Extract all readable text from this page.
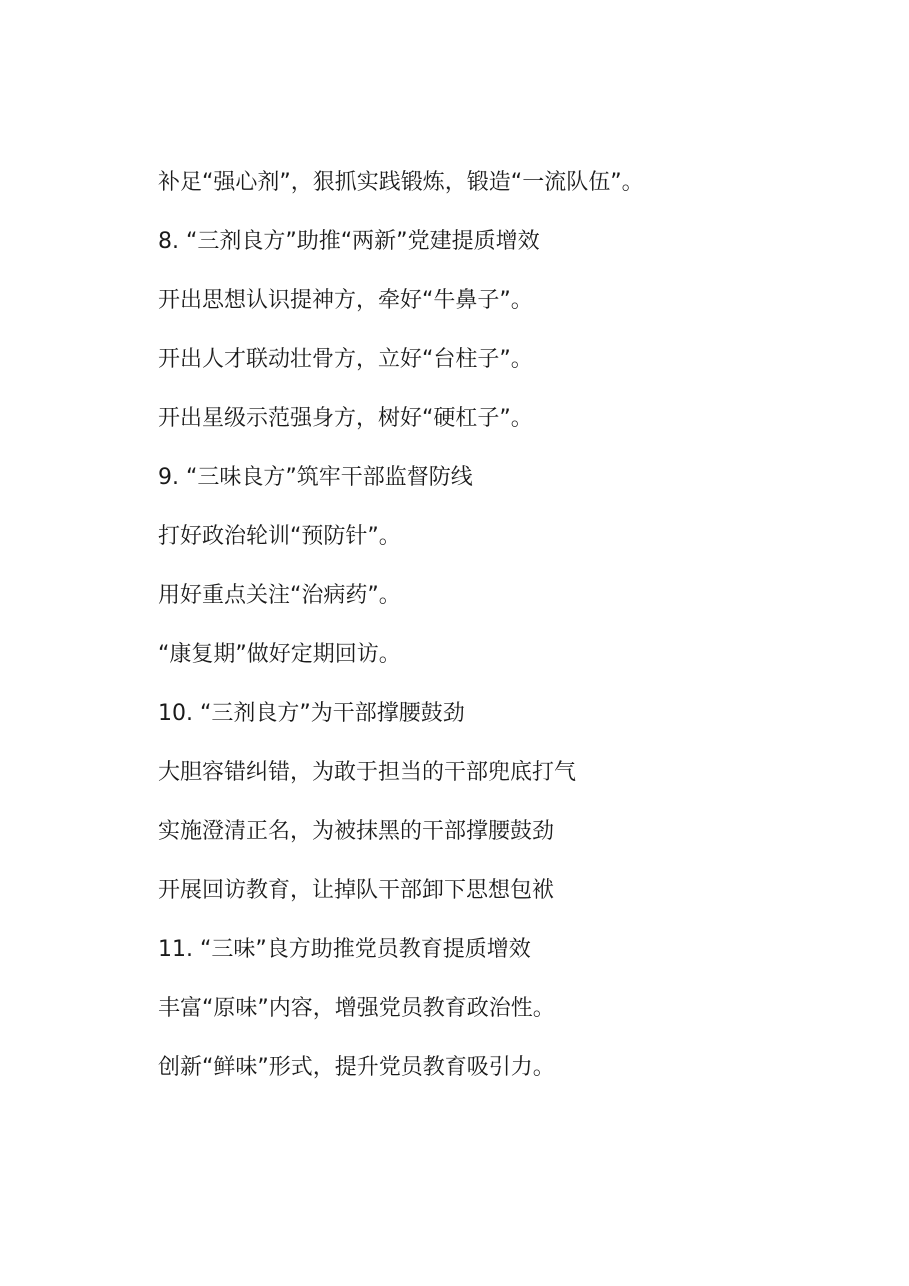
补足“强心剂”，狠抓实践锻炼，锻造“一流队伍”。
8. “三剂良方”助推“两新”党建提质增效
开出思想认识提神方，牵好“牛鼻子”。
开出人才联动壮骨方，立好“台柱子”。
开出星级示范强身方，树好“硬杠子”。
9. “三味良方”筑牢干部监督防线
打好政治轮训“预防针”。
用好重点关注“治病药”。
“康复期”做好定期回访。
10. “三剂良方”为干部撑腰鼓劲
大胆容错纠错，为敢于担当的干部兜底打气
实施澄清正名，为被抹黑的干部撑腰鼓劲
开展回访教育，让掉队干部卸下思想包袱
11. “三味”良方助推党员教育提质增效
丰富“原味”内容，增强党员教育政治性。
创新“鲜味”形式，提升党员教育吸引力。
